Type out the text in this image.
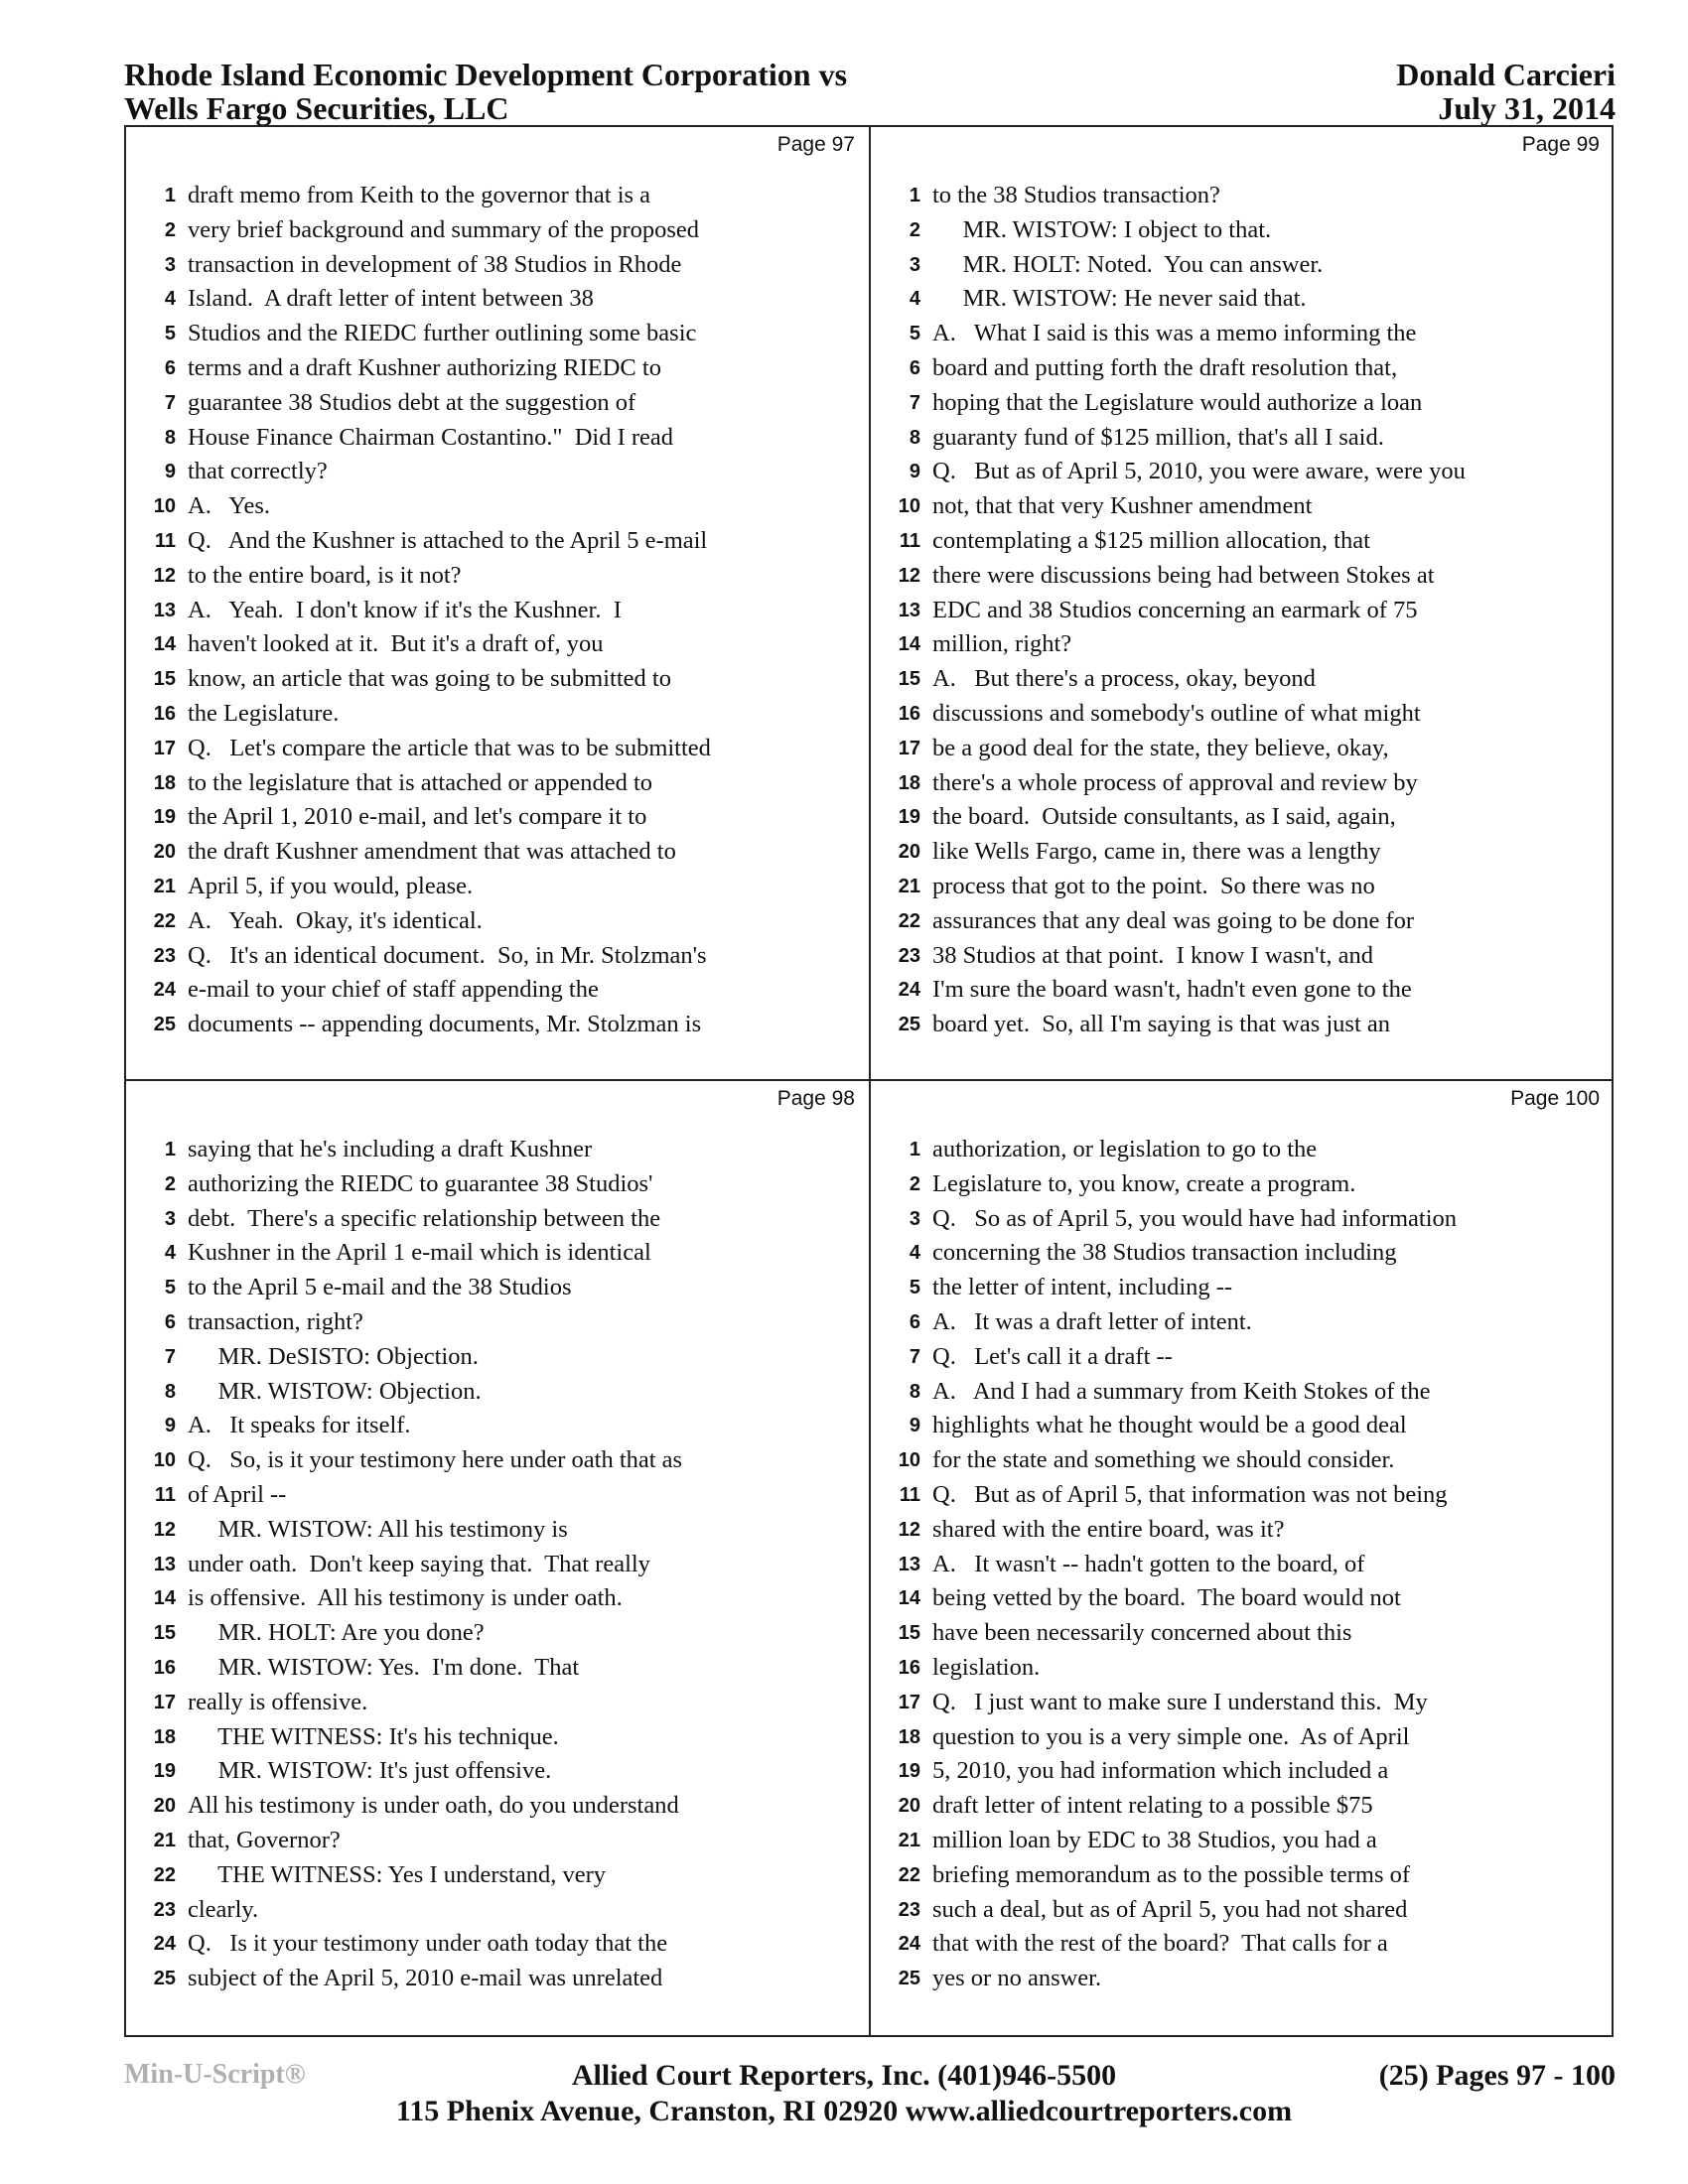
Rhode Island Economic Development Corporation vs
Wells Fargo Securities, LLC
Donald Carcieri
July 31, 2014
Page 97
1 draft memo from Keith to the governor that is a
2 very brief background and summary of the proposed
3 transaction in development of 38 Studios in Rhode
4 Island.  A draft letter of intent between 38
5 Studios and the RIEDC further outlining some basic
6 terms and a draft Kushner authorizing RIEDC to
7 guarantee 38 Studios debt at the suggestion of
8 House Finance Chairman Costantino."  Did I read
9 that correctly?
10 A.   Yes.
11 Q.   And the Kushner is attached to the April 5 e-mail
12 to the entire board, is it not?
13 A.   Yeah.  I don't know if it's the Kushner.  I
14 haven't looked at it.  But it's a draft of, you
15 know, an article that was going to be submitted to
16 the Legislature.
17 Q.   Let's compare the article that was to be submitted
18 to the legislature that is attached or appended to
19 the April 1, 2010 e-mail, and let's compare it to
20 the draft Kushner amendment that was attached to
21 April 5, if you would, please.
22 A.   Yeah.  Okay, it's identical.
23 Q.   It's an identical document.  So, in Mr. Stolzman's
24 e-mail to your chief of staff appending the
25 documents -- appending documents, Mr. Stolzman is
Page 99
1 to the 38 Studios transaction?
2 MR. WISTOW: I object to that.
3 MR. HOLT: Noted.  You can answer.
4 MR. WISTOW: He never said that.
5 A.   What I said is this was a memo informing the
6 board and putting forth the draft resolution that,
7 hoping that the Legislature would authorize a loan
8 guaranty fund of $125 million, that's all I said.
9 Q.   But as of April 5, 2010, you were aware, were you
10 not, that that very Kushner amendment
11 contemplating a $125 million allocation, that
12 there were discussions being had between Stokes at
13 EDC and 38 Studios concerning an earmark of 75
14 million, right?
15 A.   But there's a process, okay, beyond
16 discussions and somebody's outline of what might
17 be a good deal for the state, they believe, okay,
18 there's a whole process of approval and review by
19 the board.  Outside consultants, as I said, again,
20 like Wells Fargo, came in, there was a lengthy
21 process that got to the point.  So there was no
22 assurances that any deal was going to be done for
23 38 Studios at that point.  I know I wasn't, and
24 I'm sure the board wasn't, hadn't even gone to the
25 board yet.  So, all I'm saying is that was just an
Page 98
1 saying that he's including a draft Kushner
2 authorizing the RIEDC to guarantee 38 Studios'
3 debt.  There's a specific relationship between the
4 Kushner in the April 1 e-mail which is identical
5 to the April 5 e-mail and the 38 Studios
6 transaction, right?
7 MR. DeSISTO: Objection.
8 MR. WISTOW: Objection.
9 A.   It speaks for itself.
10 Q.   So, is it your testimony here under oath that as
11 of April --
12 MR. WISTOW: All his testimony is
13 under oath.  Don't keep saying that.  That really
14 is offensive.  All his testimony is under oath.
15 MR. HOLT: Are you done?
16 MR. WISTOW: Yes.  I'm done.  That
17 really is offensive.
18 THE WITNESS: It's his technique.
19 MR. WISTOW: It's just offensive.
20 All his testimony is under oath, do you understand
21 that, Governor?
22 THE WITNESS: Yes I understand, very
23 clearly.
24 Q.   Is it your testimony under oath today that the
25 subject of the April 5, 2010 e-mail was unrelated
Page 100
1 authorization, or legislation to go to the
2 Legislature to, you know, create a program.
3 Q.   So as of April 5, you would have had information
4 concerning the 38 Studios transaction including
5 the letter of intent, including --
6 A.   It was a draft letter of intent.
7 Q.   Let's call it a draft --
8 A.   And I had a summary from Keith Stokes of the
9 highlights what he thought would be a good deal
10 for the state and something we should consider.
11 Q.   But as of April 5, that information was not being
12 shared with the entire board, was it?
13 A.   It wasn't -- hadn't gotten to the board, of
14 being vetted by the board.  The board would not
15 have been necessarily concerned about this
16 legislation.
17 Q.   I just want to make sure I understand this.  My
18 question to you is a very simple one.  As of April
19 5, 2010, you had information which included a
20 draft letter of intent relating to a possible $75
21 million loan by EDC to 38 Studios, you had a
22 briefing memorandum as to the possible terms of
23 such a deal, but as of April 5, you had not shared
24 that with the rest of the board?  That calls for a
25 yes or no answer.
Min-U-Script®	Allied Court Reporters, Inc. (401)946-5500	(25) Pages 97 - 100
115 Phenix Avenue, Cranston, RI 02920 www.alliedcourtreporters.com
